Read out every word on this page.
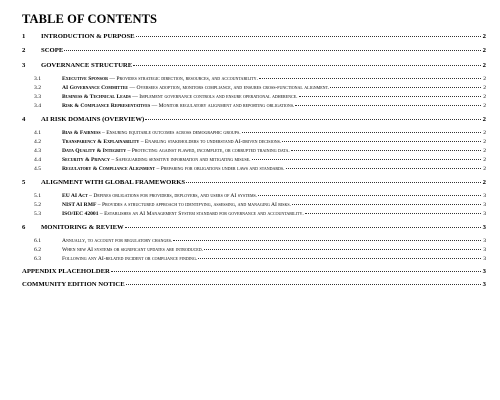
TABLE OF CONTENTS
1	INTRODUCTION & PURPOSE	2
2	SCOPE	2
3	GOVERNANCE STRUCTURE	2
3.1	Executive Sponsor — Provides strategic direction, resources, and accountability.	2
3.2	AI Governance Committee — Oversees adoption, monitors compliance, and ensures cross-functional alignment.	2
3.3	Business & Technical Leads — Implement governance controls and ensure operational adherence.	2
3.4	Risk & Compliance Representatives — Monitor regulatory alignment and reporting obligations.	2
4	AI RISK DOMAINS (OVERVIEW)	2
4.1	Bias & Fairness – Ensuring equitable outcomes across demographic groups.	2
4.2	Transparency & Explainability – Enabling stakeholders to understand AI-driven decisions.	2
4.3	Data Quality & Integrity – Protecting against flawed, incomplete, or corrupted training data.	2
4.4	Security & Privacy – Safeguarding sensitive information and mitigating misuse.	2
4.5	Regulatory & Compliance Alignment – Preparing for obligations under laws and standards.	2
5	ALIGNMENT WITH GLOBAL FRAMEWORKS	2
5.1	EU AI Act – Defines obligations for providers, deployers, and users of AI systems.	3
5.2	NIST AI RMF – Provides a structured approach to identifying, assessing, and managing AI risks.	3
5.3	ISO/IEC 42001 – Establishes an AI Management System standard for governance and accountability.	3
6	MONITORING & REVIEW	3
6.1	Annually, to account for regulatory changes.	3
6.2	When new AI systems or significant updates are introduced.	3
6.3	Following any AI-related incident or compliance finding.	3
APPENDIX PLACEHOLDER	3
COMMUNITY EDITION NOTICE	3
